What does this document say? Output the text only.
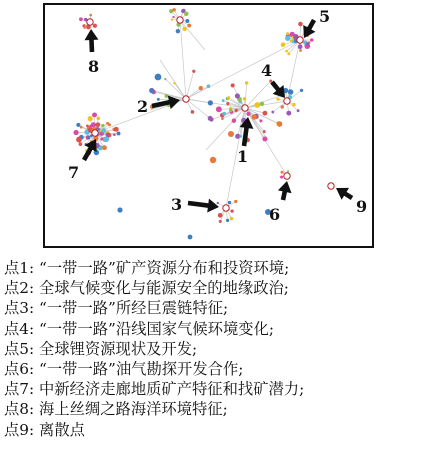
1
2
3
4
5
6
7
8
9
点1: “一带一路”矿产资源分布和投资环境;
点2: 全球气候变化与能源安全的地缘政治;
点3: “一带一路”所经巨震链特征;
点4: “一带一路”沿线国家气候环境变化;
点5: 全球锂资源现状及开发;
点6: “一带一路”油气勘探开发合作;
点7: 中新经济走廊地质矿产特征和找矿潜力;
点8: 海上丝绸之路海洋环境特征;
点9: 离散点
